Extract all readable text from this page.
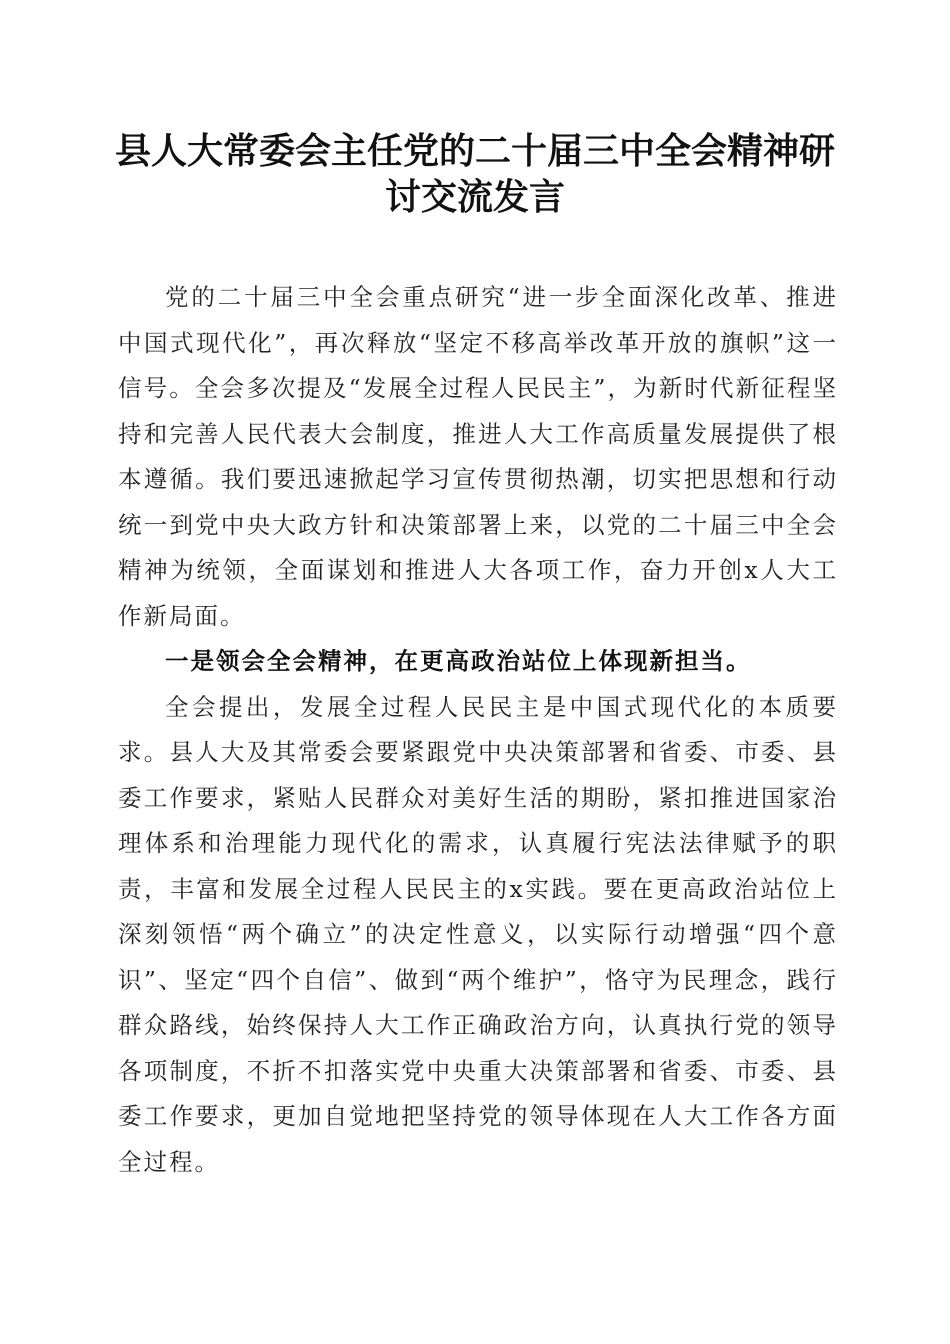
县人大常委会主任党的二十届三中全会精神研讨交流发言

党的二十届三中全会重点研究“进一步全面深化改革、推进中国式现代化”，再次释放“坚定不移高举改革开放的旗帜”这一信号。全会多次提及“发展全过程人民民主”，为新时代新征程坚持和完善人民代表大会制度，推进人大工作高质量发展提供了根本遵循。我们要迅速掀起学习宣传贯彻热潮，切实把思想和行动统一到党中央大政方针和决策部署上来，以党的二十届三中全会精神为统领，全面谋划和推进人大各项工作，奋力开创x人大工作新局面。

一是领会全会精神，在更高政治站位上体现新担当。

全会提出，发展全过程人民民主是中国式现代化的本质要求。县人大及其常委会要紧跟党中央决策部署和省委、市委、县委工作要求，紧贴人民群众对美好生活的期盼，紧扣推进国家治理体系和治理能力现代化的需求，认真履行宪法法律赋予的职责，丰富和发展全过程人民民主的x实践。要在更高政治站位上深刻领悟“两个确立”的决定性意义，以实际行动增强“四个意识”、坚定“四个自信”、做到“两个维护”，恪守为民理念，践行群众路线，始终保持人大工作正确政治方向，认真执行党的领导各项制度，不折不扣落实党中央重大决策部署和省委、市委、县委工作要求，更加自觉地把坚持党的领导体现在人大工作各方面全过程。
